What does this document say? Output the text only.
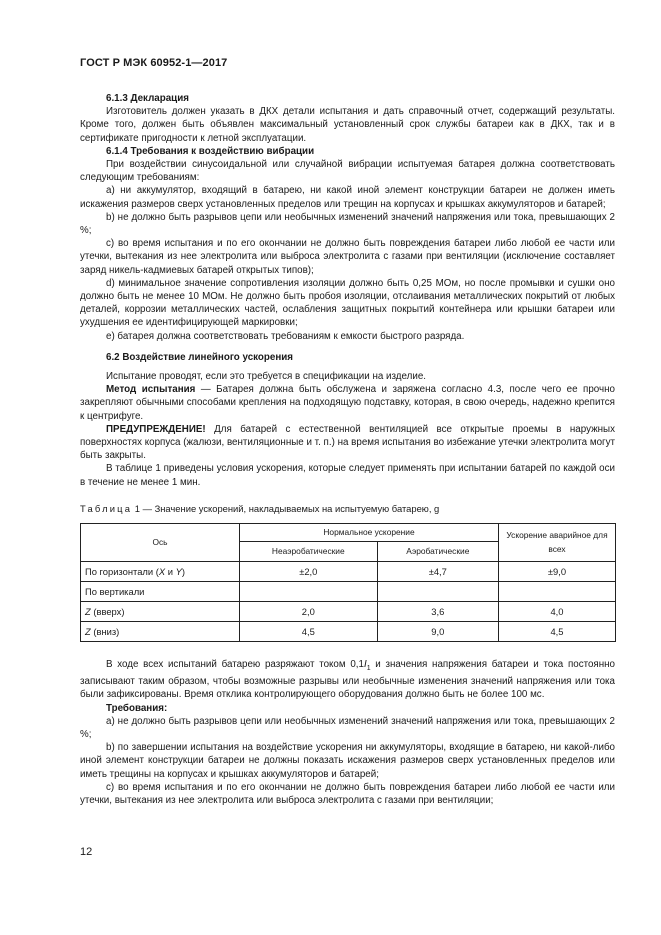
ГОСТ Р МЭК 60952-1—2017

6.1.3 Декларация

Изготовитель должен указать в ДКХ детали испытания и дать справочный отчет, содержащий результаты. Кроме того, должен быть объявлен максимальный установленный срок службы батареи как в ДКХ, так и в сертификате пригодности к летной эксплуатации.

6.1.4 Требования к воздействию вибрации

При воздействии синусоидальной или случайной вибрации испытуемая батарея должна соответствовать следующим требованиям:

a) ни аккумулятор, входящий в батарею, ни какой иной элемент конструкции батареи не должен иметь искажения размеров сверх установленных пределов или трещин на корпусах и крышках аккумуляторов и батарей;

b) не должно быть разрывов цепи или необычных изменений значений напряжения или тока, превышающих 2 %;

c) во время испытания и по его окончании не должно быть повреждения батареи либо любой ее части или утечки, вытекания из нее электролита или выброса электролита с газами при вентиляции (исключение составляет заряд никель-кадмиевых батарей открытых типов);

d) минимальное значение сопротивления изоляции должно быть 0,25 МОм, но после промывки и сушки оно должно быть не менее 10 МОм. Не должно быть пробоя изоляции, отслаивания металлических покрытий от любых деталей, коррозии металлических частей, ослабления защитных покрытий контейнера или крышки батареи или ухудшения ее идентифицирующей маркировки;

e) батарея должна соответствовать требованиям к емкости быстрого разряда.

6.2 Воздействие линейного ускорения

Испытание проводят, если это требуется в спецификации на изделие.

Метод испытания — Батарея должна быть обслужена и заряжена согласно 4.3, после чего ее прочно закрепляют обычными способами крепления на подходящую подставку, которая, в свою очередь, надежно крепится к центрифуге.

ПРЕДУПРЕЖДЕНИЕ! Для батарей с естественной вентиляцией все открытые проемы в наружных поверхностях корпуса (жалюзи, вентиляционные и т. п.) на время испытания во избежание утечки электролита могут быть закрыты.

В таблице 1 приведены условия ускорения, которые следует применять при испытании батарей по каждой оси в течение не менее 1 мин.

Таблица 1 — Значение ускорений, накладываемых на испытуемую батарею, g

Ось	Нормальное ускорение		Ускорение аварийное для всех
	Неаэробатические	Аэробатические	
По горизонтали (X и Y)	±2,0	±4,7	±9,0
По вертикали			
Z (вверх)	2,0	3,6	4,0
Z (вниз)	4,5	9,0	4,5

В ходе всех испытаний батарею разряжают током $0,1I_1$ и значения напряжения батареи и тока постоянно записывают таким образом, чтобы возможные разрывы или необычные изменения значений напряжения или тока были зафиксированы. Время отклика контролирующего оборудования должно быть не более 100 мс.

Требования:

a) не должно быть разрывов цепи или необычных изменений значений напряжения или тока, превышающих 2 %;

b) по завершении испытания на воздействие ускорения ни аккумуляторы, входящие в батарею, ни какой-либо иной элемент конструкции батареи не должны показать искажения размеров сверх установленных пределов или иметь трещины на корпусах и крышках аккумуляторов и батарей;

c) во время испытания и по его окончании не должно быть повреждения батареи либо любой ее части или утечки, вытекания из нее электролита или выброса электролита с газами при вентиляции;

12
